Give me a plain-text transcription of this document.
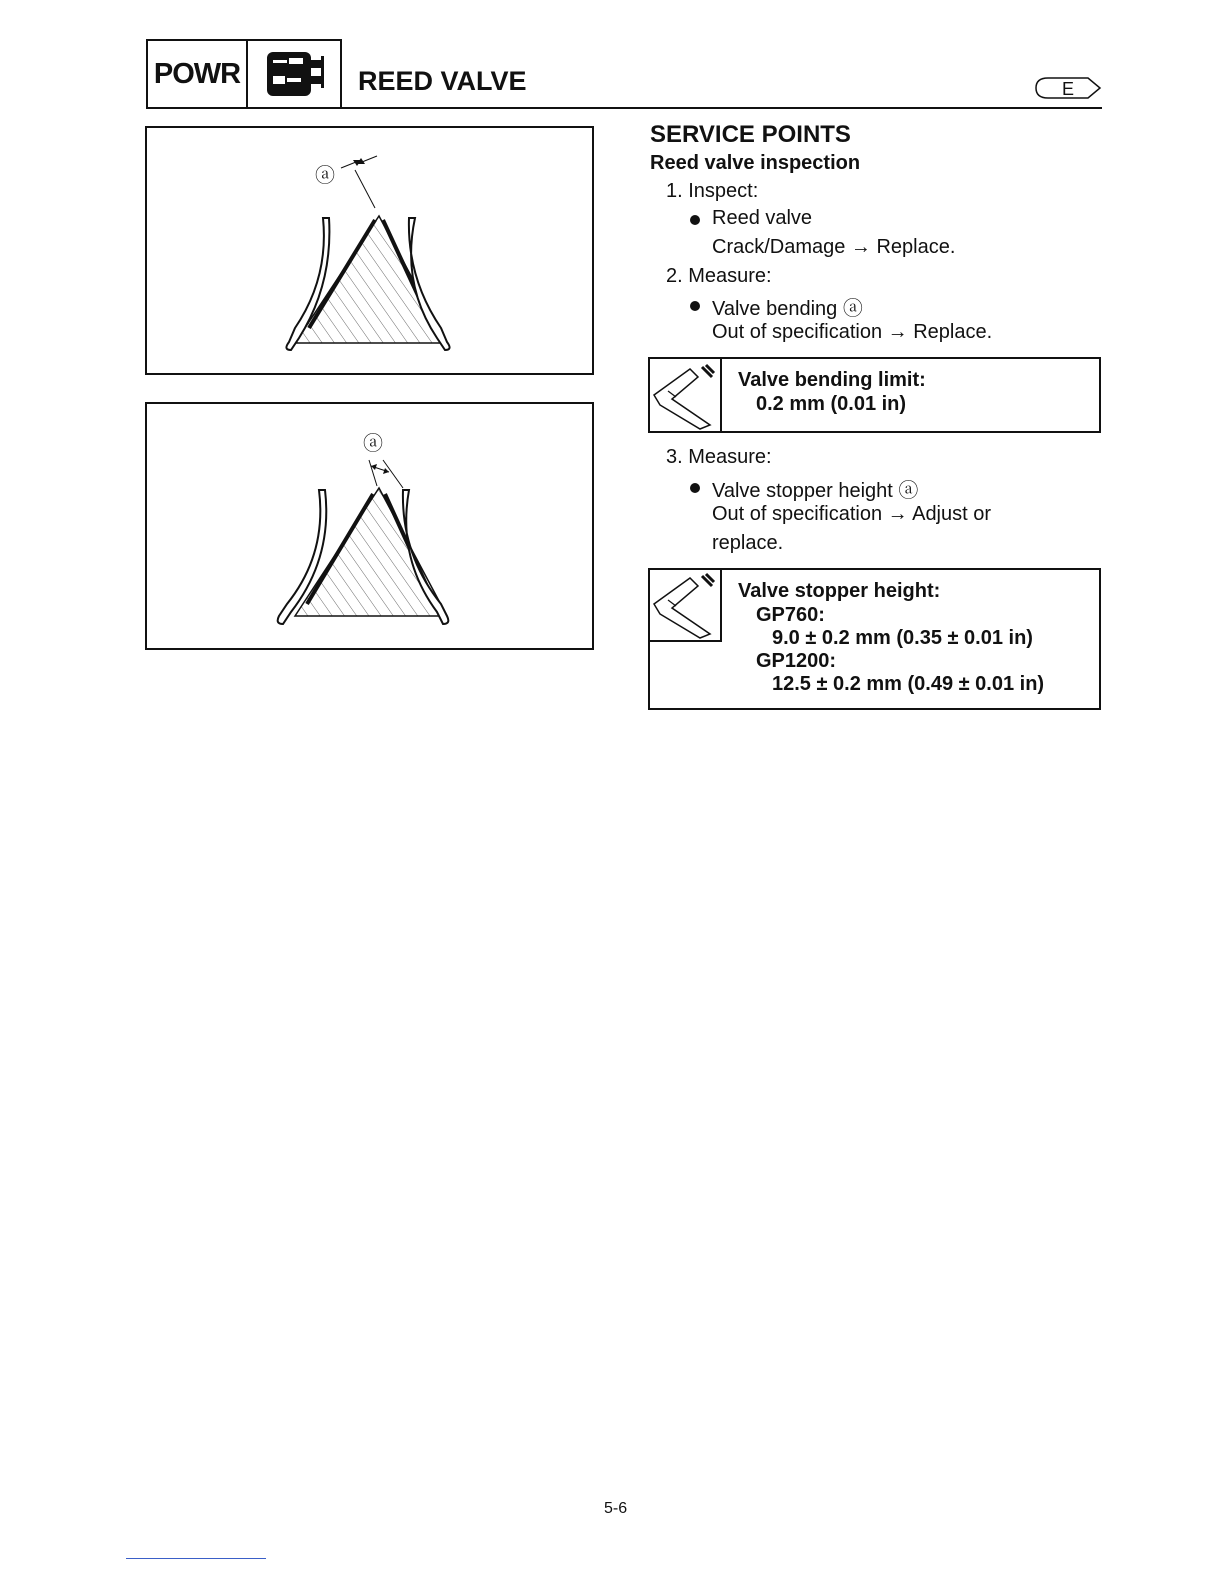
POWR	REED VALVE	E
ⓐ
ⓐ
SERVICE POINTS
Reed valve inspection
1. Inspect:
Reed valve
Crack/Damage → Replace.
2. Measure:
Valve bending ⓐ
Out of specification → Replace.
Valve bending limit:
0.2 mm (0.01 in)
3. Measure:
Valve stopper height ⓐ
Out of specification → Adjust or
replace.
Valve stopper height:
GP760:
9.0 ± 0.2 mm (0.35 ± 0.01 in)
GP1200:
12.5 ± 0.2 mm (0.49 ± 0.01 in)
5-6
